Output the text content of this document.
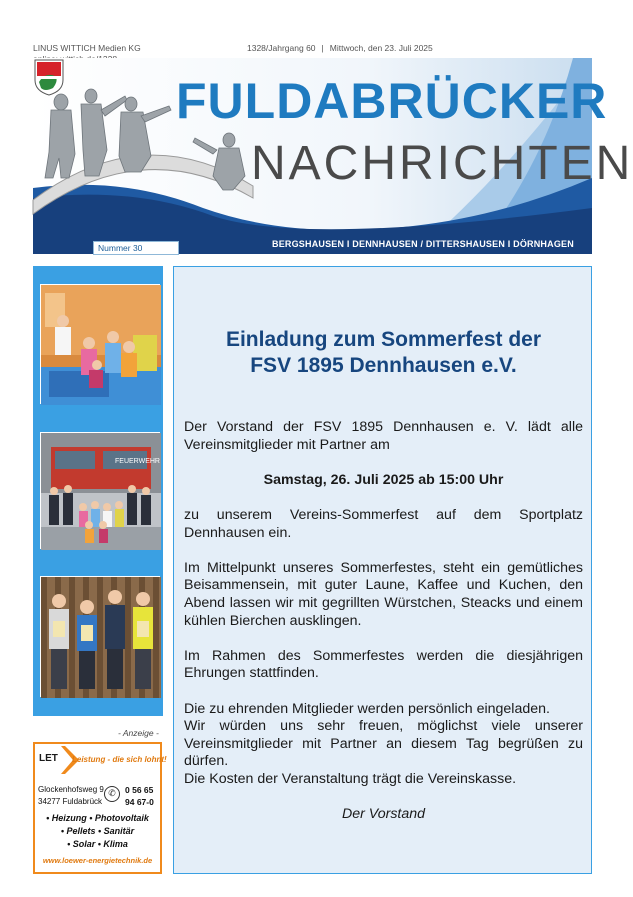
LINUS WITTICH Medien KG	1328/Jahrgang 60 | Mittwoch, den 23. Juli 2025
FULDABRÜCKER
NACHRICHTEN
Nummer 30	BERGSHAUSEN I DENNHAUSEN / DITTERSHAUSEN I DÖRNHAGEN
FEUERWEHR
- Anzeige -
LET Leistung - die sich lohnt!
Glockenhofsweg 9
34277 Fuldabrück
✆	0 56 65
94 67-0
• Heizung • Photovoltaik
• Pellets • Sanitär
• Solar • Klima
www.loewer-energietechnik.de
Einladung zum Sommerfest der
FSV 1895 Dennhausen e.V.

Der Vorstand der FSV 1895 Dennhausen e. V. lädt alle Vereinsmitglieder mit Partner am

Samstag, 26. Juli 2025 ab 15:00 Uhr

zu unserem Vereins-Sommerfest auf dem Sportplatz Dennhausen ein.

Im Mittelpunkt unseres Sommerfestes, steht ein gemütliches Beisammensein, mit guter Laune, Kaffee und Kuchen, den Abend lassen wir mit gegrillten Würstchen, Steacks und einem kühlen Bierchen ausklingen.

Im Rahmen des Sommerfestes werden die diesjährigen Ehrungen stattfinden.

Die zu ehrenden Mitglieder werden persönlich eingeladen.

Wir würden uns sehr freuen, möglichst viele unserer Vereinsmitglieder mit Partner an diesem Tag begrüßen zu dürfen.

Die Kosten der Veranstaltung trägt die Vereinskasse.

Der Vorstand
